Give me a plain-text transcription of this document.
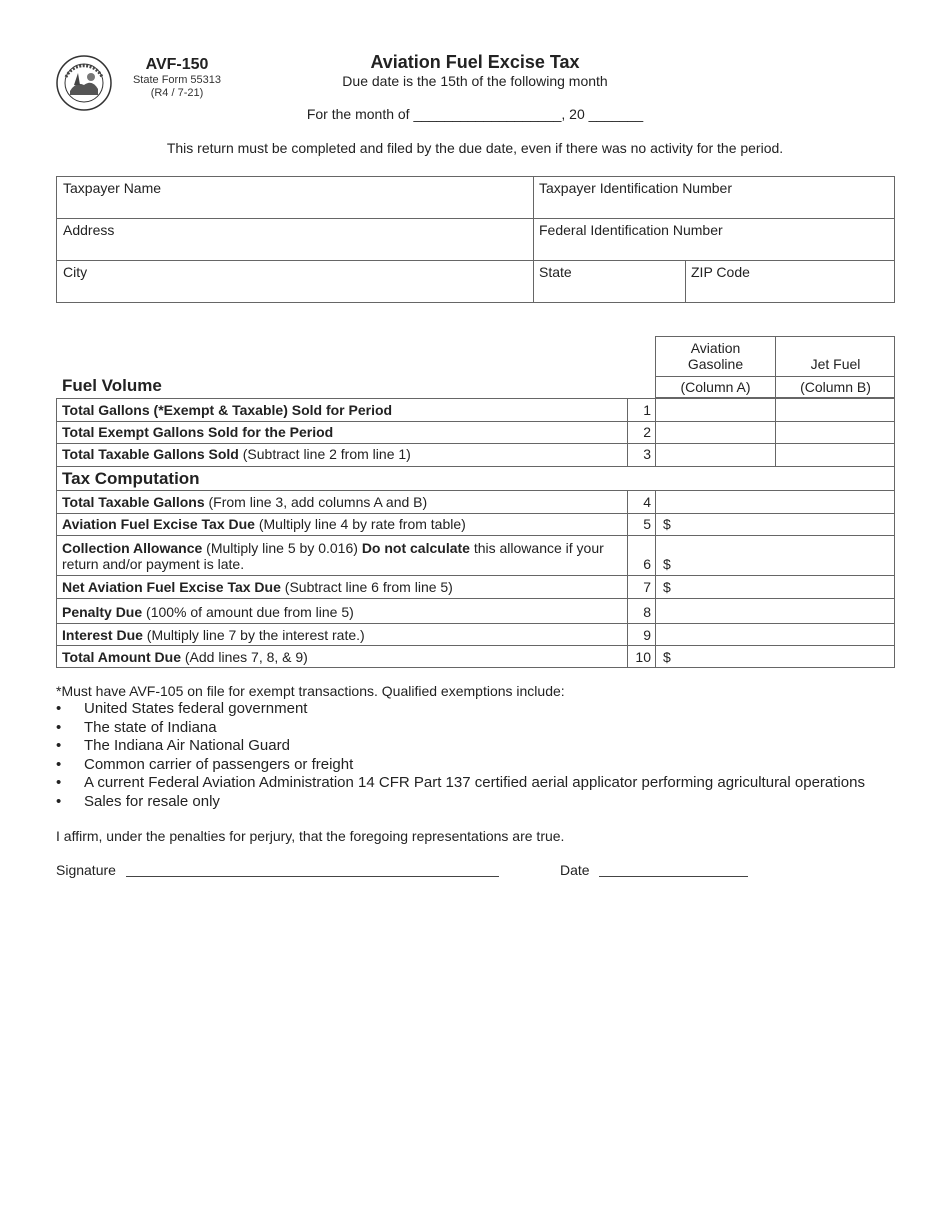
AVF-150
State Form 55313
(R4 / 7-21)
Aviation Fuel Excise Tax
Due date is the 15th of the following month
For the month of ___________________, 20 _______
This return must be completed and filed by the due date, even if there was no activity for the period.
Taxpayer Name	Taxpayer Identification Number
Address	Federal Identification Number
City	State	ZIP Code
Aviation Gasoline	Jet Fuel
(Column A)	(Column B)
Fuel Volume
Total Gallons (*Exempt & Taxable) Sold for Period	1
Total Exempt Gallons Sold for the Period	2
Total Taxable Gallons Sold (Subtract line 2 from line 1)	3
Tax Computation
Total Taxable Gallons (From line 3, add columns A and B)	4
Aviation Fuel Excise Tax Due (Multiply line 4 by rate from table)	5 $
Collection Allowance (Multiply line 5 by 0.016) Do not calculate this allowance if your
return and/or payment is late.	6 $
Net Aviation Fuel Excise Tax Due (Subtract line 6 from line 5)	7 $
Penalty Due (100% of amount due from line 5)	8
Interest Due (Multiply line 7 by the interest rate.)	9
Total Amount Due (Add lines 7, 8, & 9)	10 $
*Must have AVF-105 on file for exempt transactions. Qualified exemptions include:
• United States federal government
• The state of Indiana
• The Indiana Air National Guard
• Common carrier of passengers or freight
• A current Federal Aviation Administration 14 CFR Part 137 certified aerial applicator performing agricultural operations
• Sales for resale only
I affirm, under the penalties for perjury, that the foregoing representations are true.
Signature	Date
